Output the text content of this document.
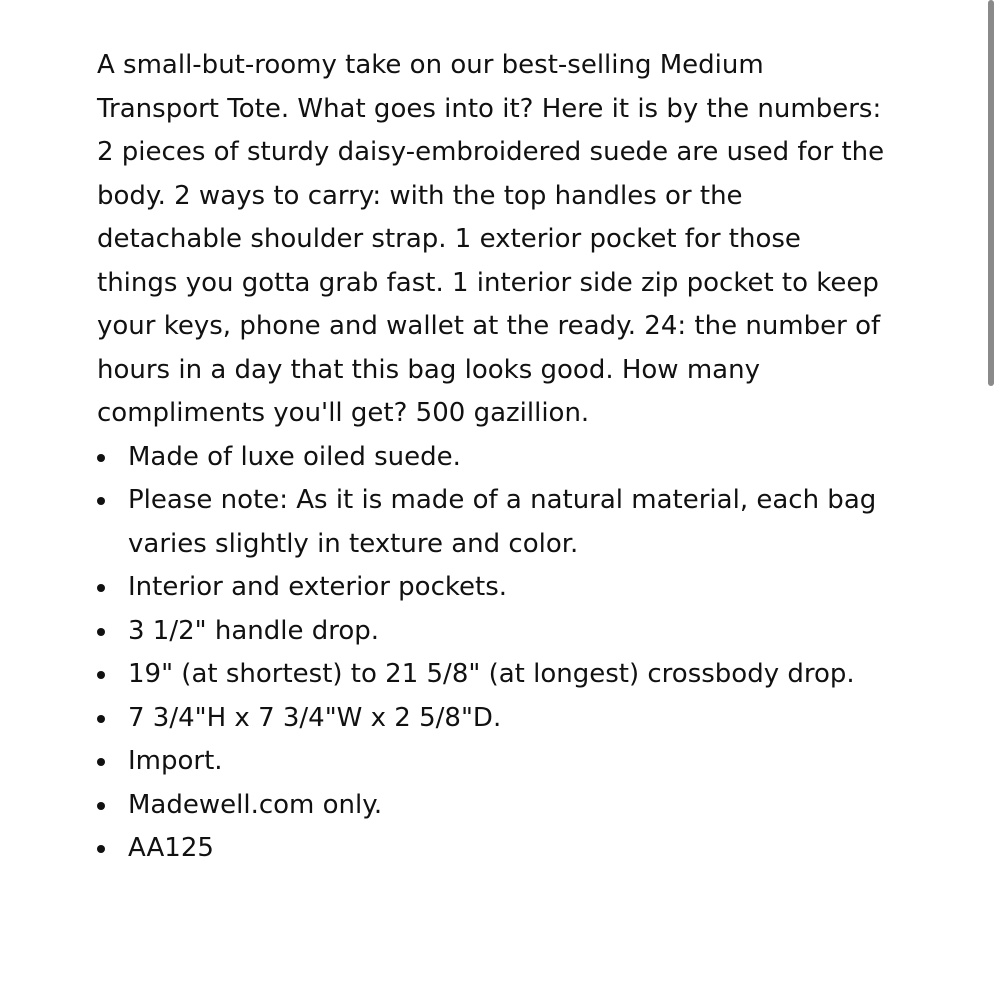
A small-but-roomy take on our best-selling Medium Transport Tote. What goes into it? Here it is by the numbers: 2 pieces of sturdy daisy-embroidered suede are used for the body. 2 ways to carry: with the top handles or the detachable shoulder strap. 1 exterior pocket for those things you gotta grab fast. 1 interior side zip pocket to keep your keys, phone and wallet at the ready. 24: the number of hours in a day that this bag looks good. How many compliments you'll get? 500 gazillion.

Made of luxe oiled suede.
Please note: As it is made of a natural material, each bag varies slightly in texture and color.
Interior and exterior pockets.
3 1/2" handle drop.
19" (at shortest) to 21 5/8" (at longest) crossbody drop.
7 3/4"H x 7 3/4"W x 2 5/8"D.
Import.
Madewell.com only.
AA125
